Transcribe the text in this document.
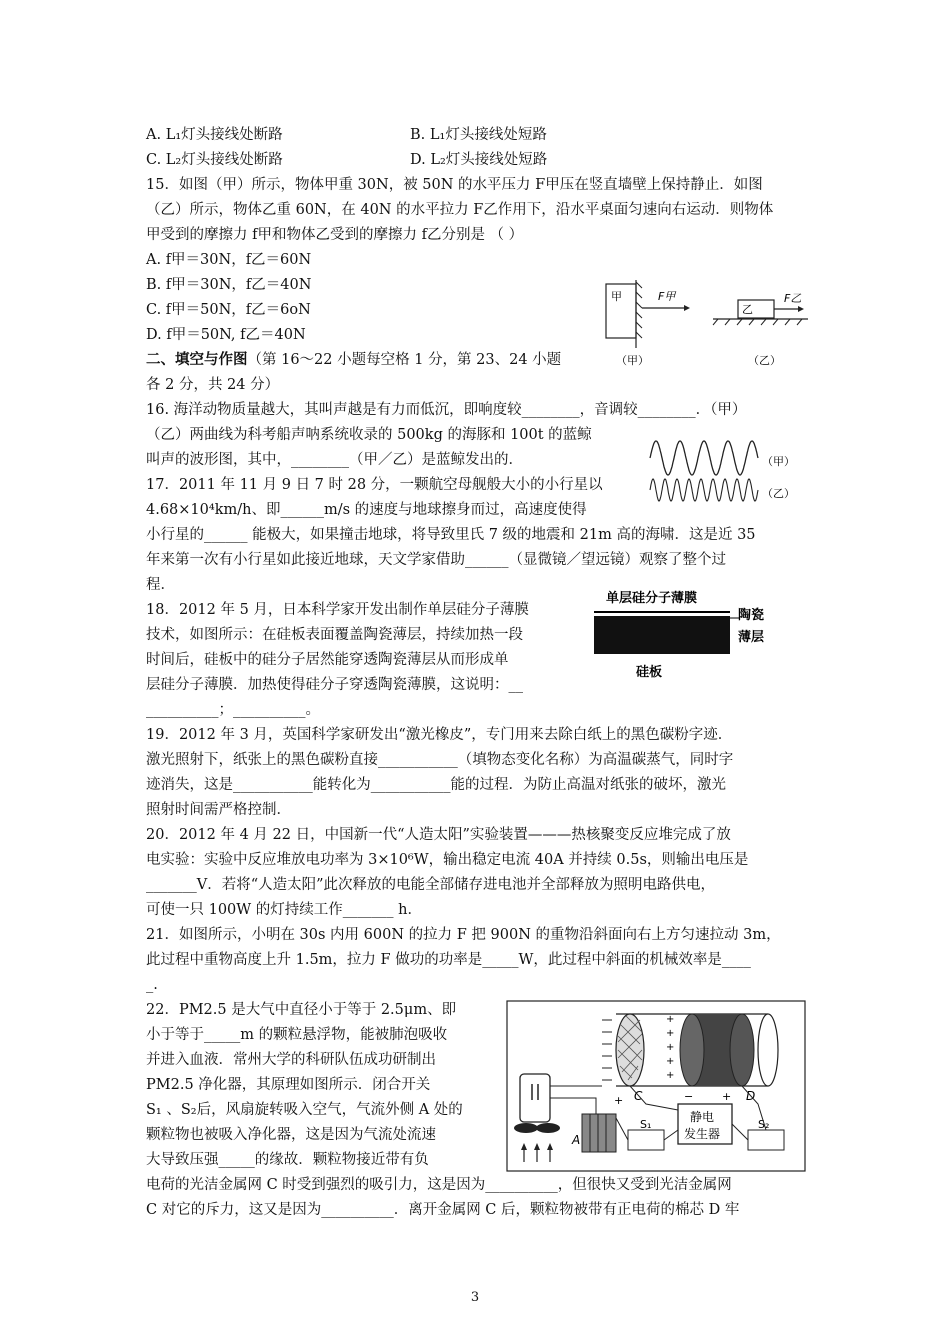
A. L₁灯头接线处断路	B. L₁灯头接线处短路
C. L₂灯头接线处断路	D. L₂灯头接线处短路
15．如图（甲）所示，物体甲重 30N，被 50N 的水平压力 F甲压在竖直墙壁上保持静止．如图
（乙）所示，物体乙重 60N，在 40N 的水平拉力 F乙作用下，沿水平桌面匀速向右运动．则物体
甲受到的摩擦力 f甲和物体乙受到的摩擦力 f乙分别是 （ ）
A. f甲＝30N，f乙＝60N
B. f甲＝30N，f乙＝40N
C. f甲＝50N，f乙＝6oN
D. f甲＝50N, f乙＝40N
甲	F甲
（甲）
乙
F乙
（乙）
二、填空与作图（第 16～22 小题每空格 1 分，第 23、24 小题
各 2 分，共 24 分）
16. 海洋动物质量越大，其叫声越是有力而低沉，即响度较________，音调较________．（甲）
（乙）两曲线为科考船声呐系统收录的 500kg 的海豚和 100t 的蓝鲸
叫声的波形图，其中，________（甲／乙）是蓝鲸发出的．	（甲）
（乙）
17．2011 年 11 月 9 日 7 时 28 分，一颗航空母舰般大小的小行星以
4.68×10⁴km/h、即______m/s 的速度与地球擦身而过，高速度使得
小行星的______ 能极大，如果撞击地球，将导致里氏 7 级的地震和 21m 高的海啸．这是近 35
年来第一次有小行星如此接近地球，天文学家借助______（显微镜／望远镜）观察了整个过
程．
18．2012 年 5 月，日本科学家开发出制作单层硅分子薄膜
技术，如图所示：在硅板表面覆盖陶瓷薄层，持续加热一段
时间后，硅板中的硅分子居然能穿透陶瓷薄层从而形成单
层硅分子薄膜．加热使得硅分子穿透陶瓷薄膜，这说明：__
__________；__________。
单层硅分子薄膜
陶瓷
薄层
硅板
19．2012 年 3 月，英国科学家研发出“激光橡皮”，专门用来去除白纸上的黑色碳粉字迹．
激光照射下，纸张上的黑色碳粉直接___________（填物态变化名称）为高温碳蒸气，同时字
迹消失，这是___________能转化为___________能的过程．为防止高温对纸张的破坏，激光
照射时间需严格控制．
20．2012 年 4 月 22 日，中国新一代“人造太阳”实验装置———热核聚变反应堆完成了放
电实验：实验中反应堆放电功率为 3×10⁶W，输出稳定电流 40A 并持续 0.5s，则输出电压是
_______V．若将“人造太阳”此次释放的电能全部储存进电池并全部释放为照明电路供电，
可使一只 100W 的灯持续工作_______ h．
21．如图所示，小明在 30s 内用 600N 的拉力 F 把 900N 的重物沿斜面向右上方匀速拉动 3m，
此过程中重物高度上升 1.5m，拉力 F 做功的功率是_____W，此过程中斜面的机械效率是____
_.
22．PM2.5 是大气中直径小于等于 2.5μm、即
小于等于_____m 的颗粒悬浮物，能被肺泡吸收
并进入血液．常州大学的科研队伍成功研制出
PM2.5 净化器，其原理如图所示．闭合开关
S₁ 、S₂后，风扇旋转吸入空气，气流外侧 A 处的
颗粒物也被吸入净化器，这是因为气流处流速
大导致压强_____的缘故．颗粒物接近带有负
电荷的光洁金属网 C 时受到强烈的吸引力，这是因为__________，但很快又受到光洁金属网
C 对它的斥力，这又是因为__________．离开金属网 C 后，颗粒物被带有正电荷的棉芯 D 牢
+
+
+
+
+
C	D
A
+
S₁
静电
发生器
−	+
S₂
3
